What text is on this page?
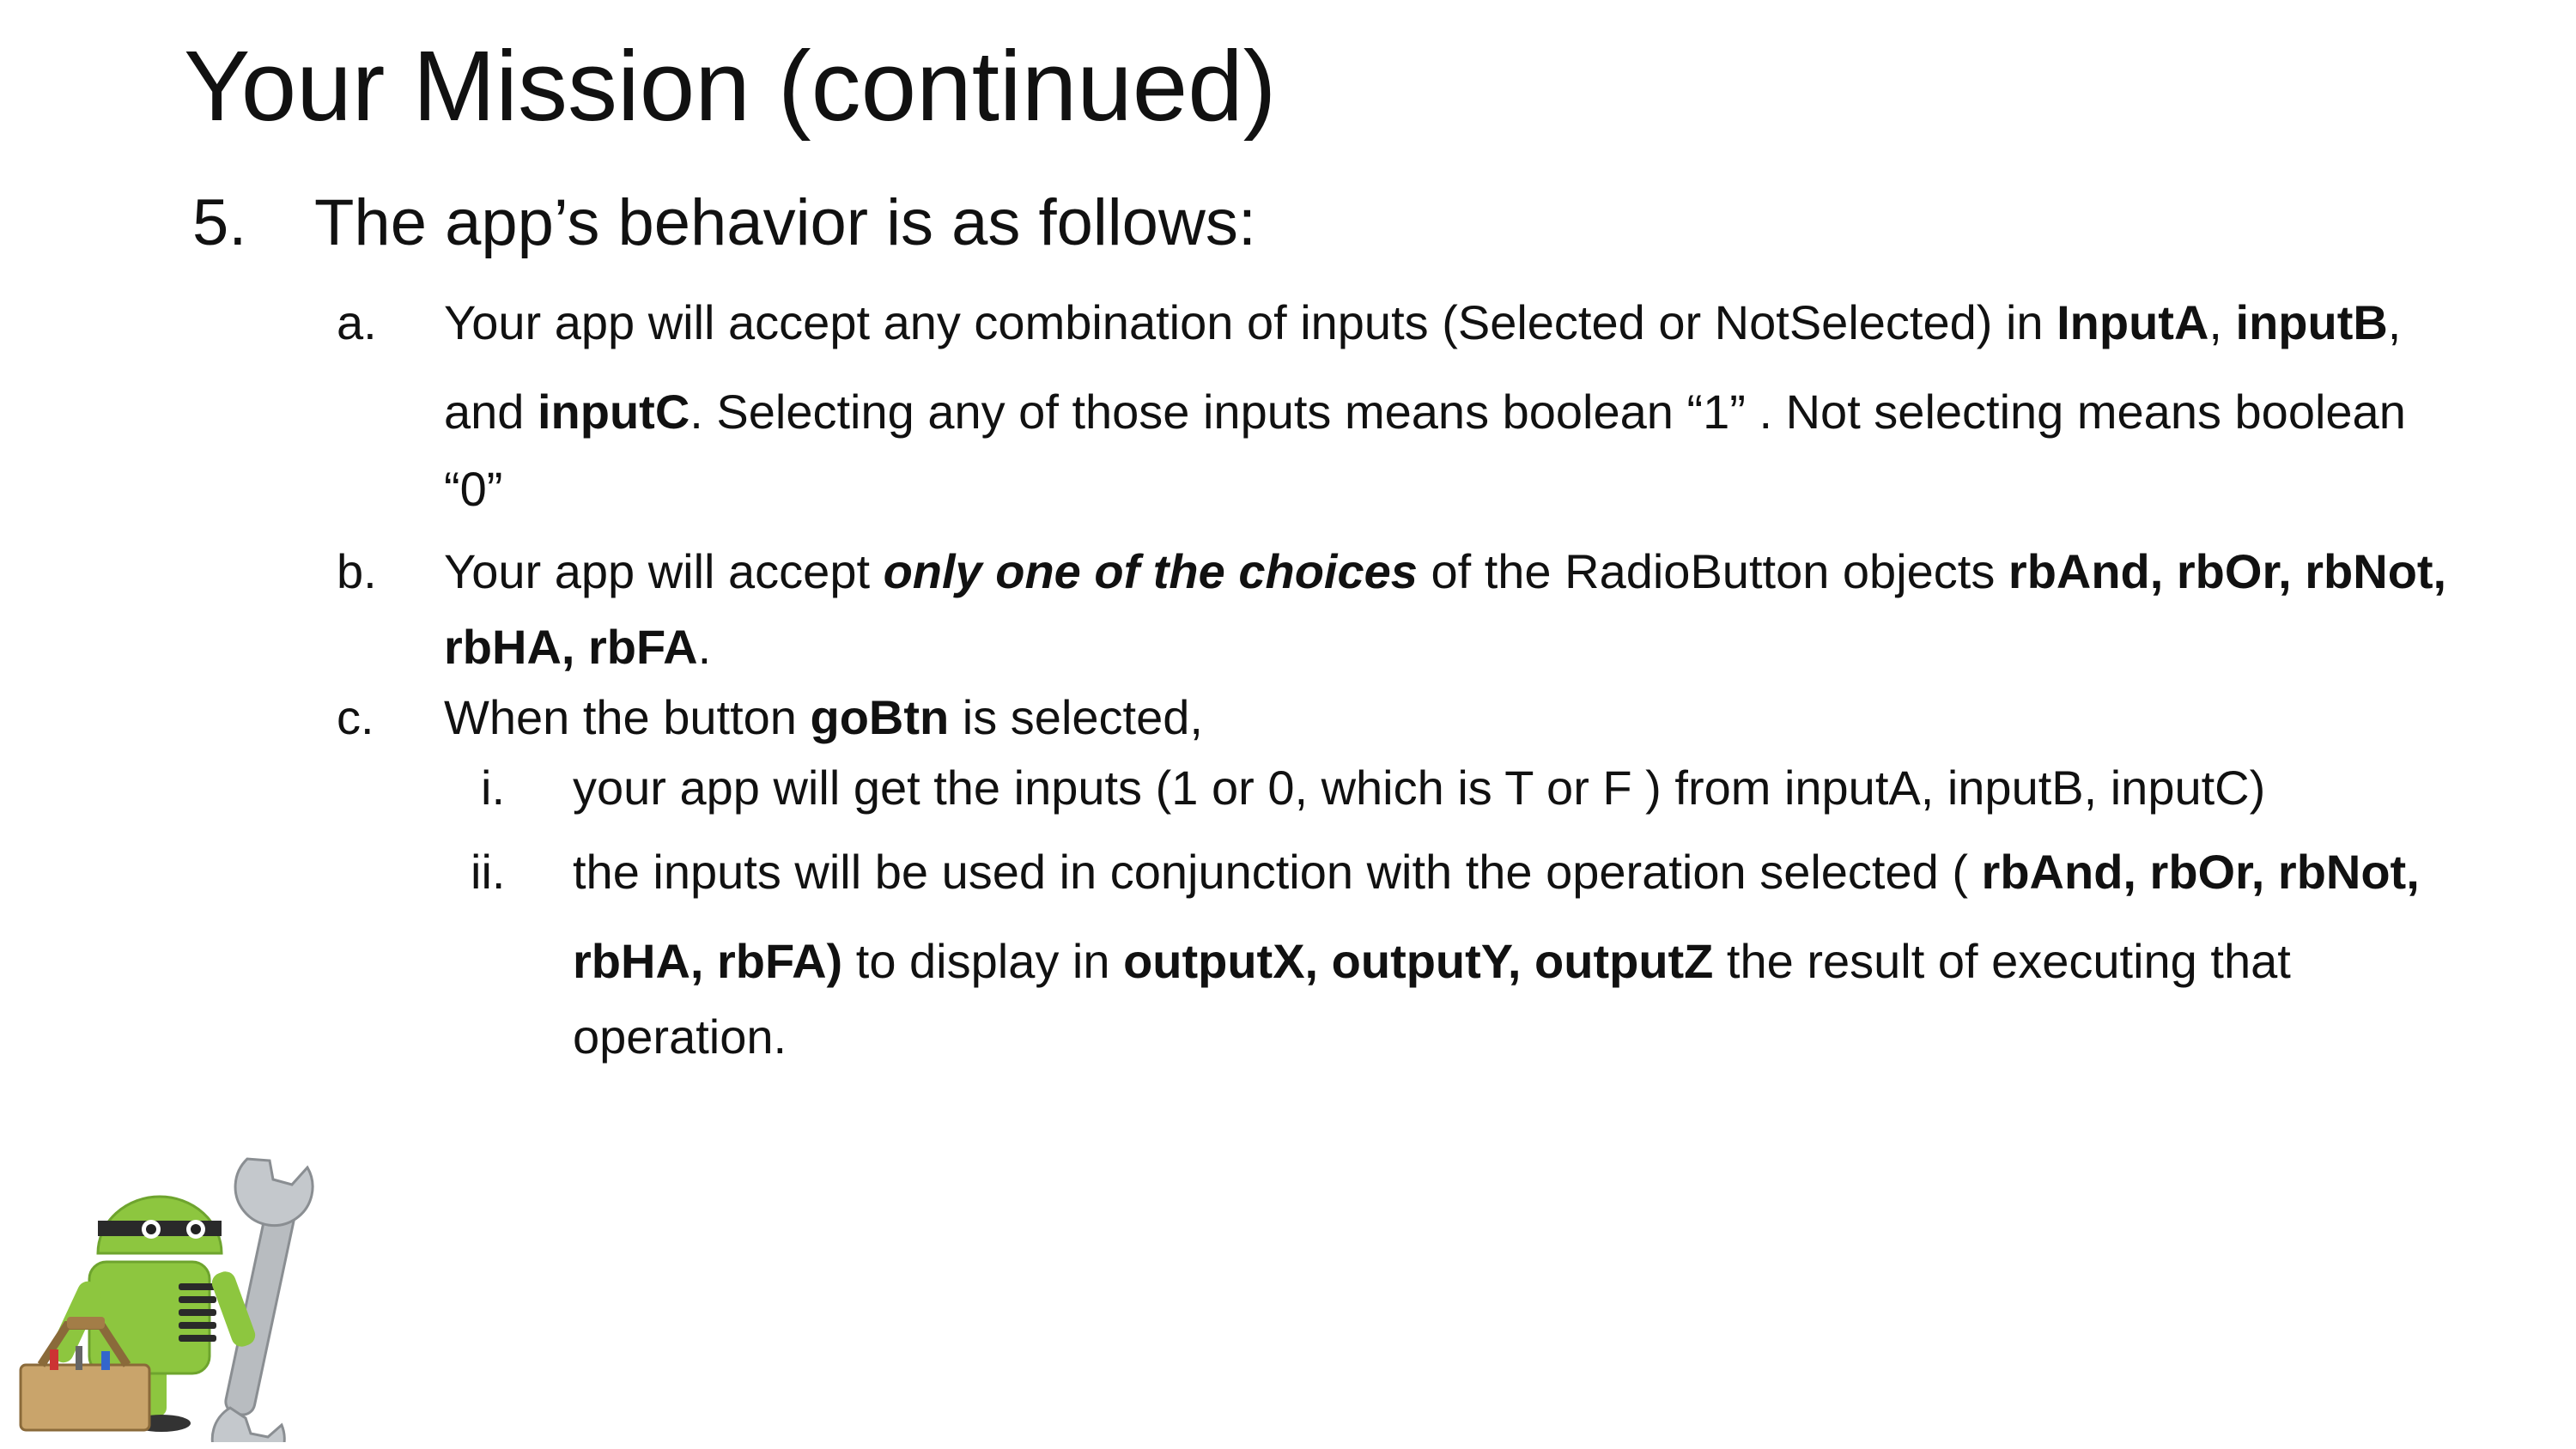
Your Mission (continued)
5. The app’s behavior is as follows:
a. Your app will accept any combination of inputs (Selected or NotSelected) in InputA, inputB,
and inputC. Selecting any of those inputs means boolean “1” . Not selecting means boolean
“0”
b. Your app will accept only one of the choices of the RadioButton objects rbAnd, rbOr, rbNot,
rbHA, rbFA.
c. When the button goBtn is selected,
i. your app will get the inputs (1 or 0, which is T or F ) from inputA, inputB, inputC)
ii. the inputs will be used in conjunction with the operation selected ( rbAnd, rbOr, rbNot,
rbHA, rbFA) to display in outputX, outputY, outputZ the result of executing that
operation.
